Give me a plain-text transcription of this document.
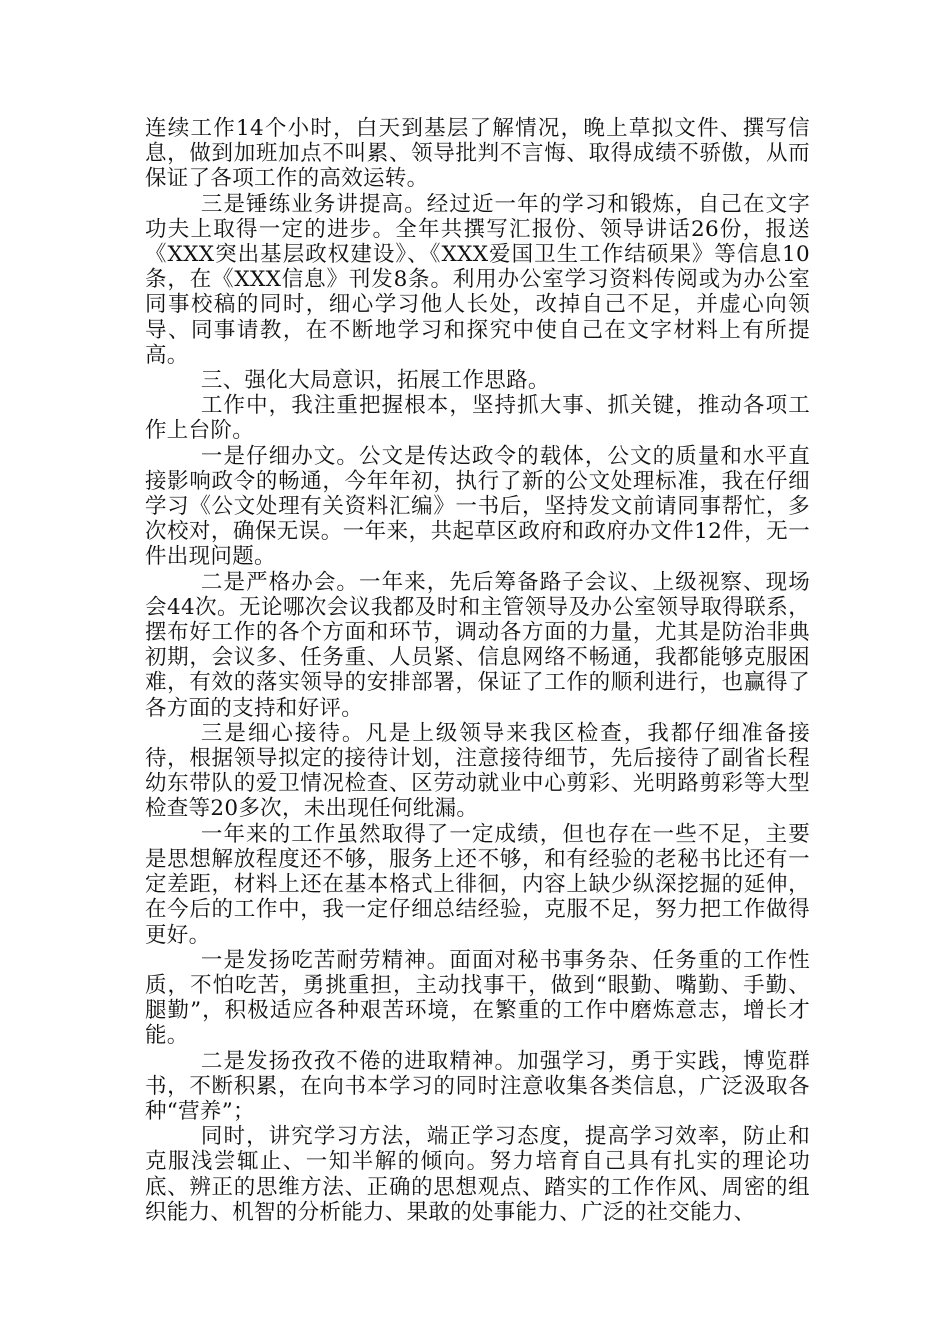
连续工作14个小时，白天到基层了解情况，晚上草拟文件、撰写信息，做到加班加点不叫累、领导批判不言悔、取得成绩不骄傲，从而保证了各项工作的高效运转。

三是锤练业务讲提高。经过近一年的学习和锻炼，自己在文字功夫上取得一定的进步。全年共撰写汇报份、领导讲话26份，报送《XXX突出基层政权建设》、《XXX爱国卫生工作结硕果》等信息10条，在《XXX信息》刊发8条。利用办公室学习资料传阅或为办公室同事校稿的同时，细心学习他人长处，改掉自己不足，并虚心向领导、同事请教，在不断地学习和探究中使自己在文字材料上有所提高。

三、强化大局意识，拓展工作思路。

工作中，我注重把握根本，坚持抓大事、抓关键，推动各项工作上台阶。

一是仔细办文。公文是传达政令的载体，公文的质量和水平直接影响政令的畅通，今年年初，执行了新的公文处理标准，我在仔细学习《公文处理有关资料汇编》一书后，坚持发文前请同事帮忙，多次校对，确保无误。一年来，共起草区政府和政府办文件12件，无一件出现问题。

二是严格办会。一年来，先后筹备路子会议、上级视察、现场会44次。无论哪次会议我都及时和主管领导及办公室领导取得联系，摆布好工作的各个方面和环节，调动各方面的力量，尤其是防治非典初期，会议多、任务重、人员紧、信息网络不畅通，我都能够克服困难，有效的落实领导的安排部署，保证了工作的顺利进行，也赢得了各方面的支持和好评。

三是细心接待。凡是上级领导来我区检查，我都仔细准备接待，根据领导拟定的接待计划，注意接待细节，先后接待了副省长程幼东带队的爱卫情况检查、区劳动就业中心剪彩、光明路剪彩等大型检查等20多次，未出现任何纰漏。

一年来的工作虽然取得了一定成绩，但也存在一些不足，主要是思想解放程度还不够，服务上还不够，和有经验的老秘书比还有一定差距，材料上还在基本格式上徘徊，内容上缺少纵深挖掘的延伸，在今后的工作中，我一定仔细总结经验，克服不足，努力把工作做得更好。

一是发扬吃苦耐劳精神。面面对秘书事务杂、任务重的工作性质，不怕吃苦，勇挑重担，主动找事干，做到“眼勤、嘴勤、手勤、腿勤”，积极适应各种艰苦环境，在繁重的工作中磨炼意志，增长才能。

二是发扬孜孜不倦的进取精神。加强学习，勇于实践，博览群书，不断积累，在向书本学习的同时注意收集各类信息，广泛汲取各种“营养”；

同时，讲究学习方法，端正学习态度，提高学习效率，防止和克服浅尝辄止、一知半解的倾向。努力培育自己具有扎实的理论功底、辨正的思维方法、正确的思想观点、踏实的工作作风、周密的组织能力、机智的分析能力、果敢的处事能力、广泛的社交能力、
